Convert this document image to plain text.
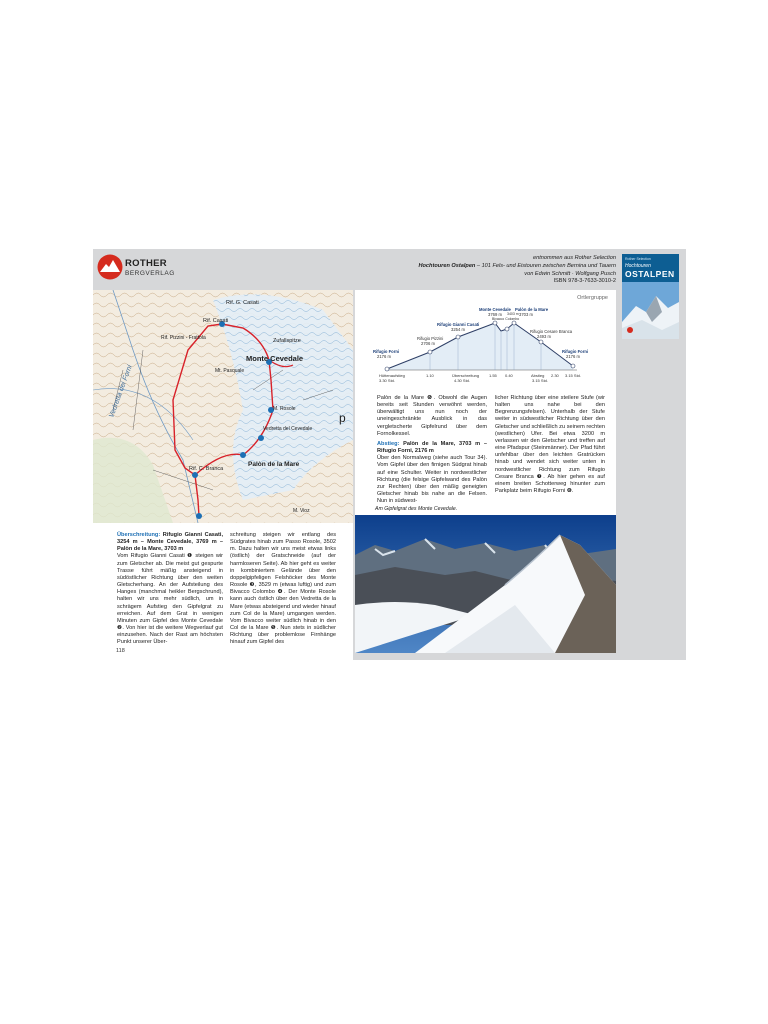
ROTHER
BERGVERLAG
entnommen aus Rother Selection
Hochtouren Ostalpen – 101 Fels- und Eistouren zwischen Bernina und Tauern
von Edwin Schmitt · Wolfgang Pusch
ISBN 978-3-7633-3010-2
Rother Selection
Hochtouren
OSTALPEN
Rif. G. Casati
Rif. Casati
Rif. Pizzini - Frattola	Zufallspitze
Monte Cevedale
Mt. Pasquale
M. Rosole
Vedretta dei Forni
Vedretta del Cevedale
Rif. C. Branca
Palòn de la Mare
M. Vioz
p

Überschreitung: Rifugio Gianni Casati, 3254 m – Monte Cevedale, 3769 m – Palòn de la Mare, 3703 m

Vom Rifugio Gianni Casati ❶ steigen wir zum Gletscher ab. Die meist gut gespurte Trasse führt mäßig ansteigend in südöstlicher Richtung über den weiten Gletscherhang. An der Aufsteilung des Hanges (manchmal heikler Bergschrund), halten wir uns mehr südlich, um in schrägem Aufstieg den Gipfelgrat zu erreichen. Auf dem Grat in wenigen Minuten zum Gipfel des Monte Cevedale ❷. Von hier ist die weitere Wegverlauf gut einzusehen. Nach der Rast am höchsten Punkt unserer Über-

schreitung steigen wir entlang des Südgrates hinab zum Passo Rosole, 3502 m. Dazu halten wir uns meist etwas links (östlich) der Gratschneide (auf der harmloseren Seite). Ab hier geht es weiter in kombiniertem Gelände über den doppelgipfeligen Felshöcker des Monte Rosole ❸, 3529 m (etwas luftig) und zum Bivacco Colombo ❹. Der Monte Rosole kann auch östlich über den Vedretta de la Mare (etwas absteigend und wieder hinauf zum Col de la Mare) umgangen werden. Vom Bivacco weiter südlich hinab in den Col de la Mare ❺. Nun stets in südlicher Richtung über problemlose Firnhänge hinauf zum Gipfel des

118
Rifugio Forni
2176 m
Rifugio Pizzini
2706 m
Rifugio Gianni Casati
3254 m
Monte Cevedale
3769 m
Bivacco Colombo
3403 m
Palòn de la Mare
3703 m
Rifugio Cesare Branca
2493 m
Rifugio Forni
2176 m
Hüttenaufstieg
3.30 Std.
1.10	Überschreitung
4.30 Std.
1.55 0.40	Abstieg
3.15 Std.
2.30 3.15 Std.
Ortlergruppe

Palòn de la Mare ❻. Obwohl die Augen bereits seit Stunden verwöhnt werden, überwältigt uns nun noch der uneingeschränkte Ausblick in das vergletscherte Gipfelrund über dem Fornolkessel.

Abstieg: Palòn de la Mare, 3703 m – Rifugio Forni, 2176 m

Über den Normalweg (siehe auch Tour 34). Vom Gipfel über den firnigen Südgrat hinab auf eine Schulter. Weiter in nordwestlicher Richtung (die felsige Gipfelwand des Palòn zur Rechten) über den mäßig geneigten Gletscher hinab bis nahe an die Felsen. Nun in südwest-

licher Richtung über eine steilere Stufe (wir halten uns nahe bei den Begrenzungsfelsen). Unterhalb der Stufe weiter in südwestlicher Richtung über den Gletscher und schließlich zu seinem rechten (westlichen) Ufer. Bei etwa 3200 m verlassen wir den Gletscher und treffen auf eine Pfadspur (Steinmänner). Der Pfad führt unfehlbar über den leichten Gratrücken hinab und wendet sich weiter unten in nordwestlicher Richtung zum Rifugio Cesare Branca ❼. Ab hier gehen es auf einem breiten Schotterweg hinunter zum Parkplatz beim Rifugio Forni ❽.

Am Gipfelgrat des Monte Cevedale.
